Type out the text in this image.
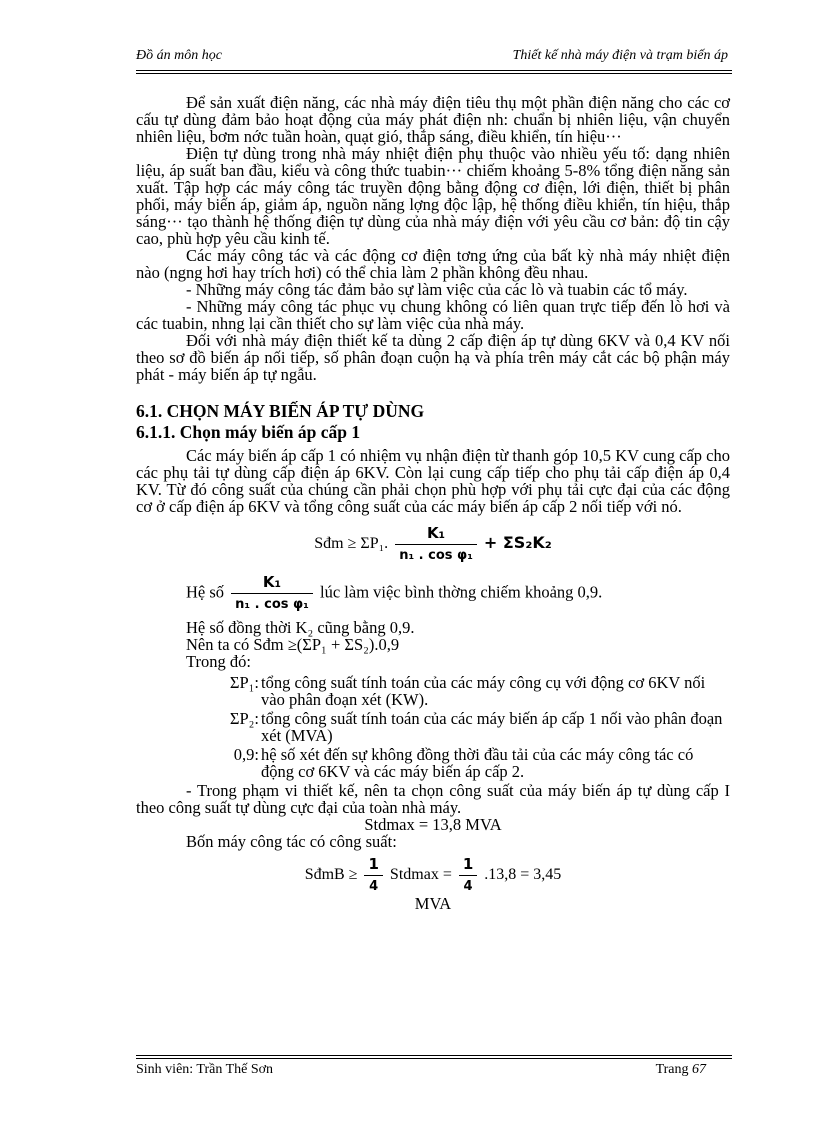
Đồ án môn học	Thiết kế nhà máy điện và trạm biến áp

Để sản xuất điện năng, các nhà máy điện tiêu thụ một phần điện năng cho các cơ cấu tự dùng đảm bảo hoạt động của máy phát điện nh: chuẩn bị nhiên liệu, vận chuyển nhiên liệu, bơm nớc tuần hoàn, quạt gió, thắp sáng, điều khiển, tín hiệu···

Điện tự dùng trong nhà máy nhiệt điện phụ thuộc vào nhiều yếu tố: dạng nhiên liệu, áp suất ban đầu, kiểu và công thức tuabin··· chiếm khoảng 5-8% tổng điện năng sản xuất. Tập hợp các máy công tác truyền động bằng động cơ điện, lới điện, thiết bị phân phối, máy biến áp, giảm áp, nguồn năng lợng độc lập, hệ thống điều khiển, tín hiệu, thắp sáng··· tạo thành hệ thống điện tự dùng của nhà máy điện với yêu cầu cơ bản: độ tin cậy cao, phù hợp yêu cầu kinh tế.

Các máy công tác và các động cơ điện tơng ứng của bất kỳ nhà máy nhiệt điện nào (ngng hơi hay trích hơi) có thể chia làm 2 phần không đều nhau.

- Những máy công tác đảm bảo sự làm việc của các lò và tuabin các tổ máy.

- Những máy công tác phục vụ chung không có liên quan trực tiếp đến lò hơi và các tuabin, nhng lại cần thiết cho sự làm việc của nhà máy.

Đối với nhà máy điện thiết kế ta dùng 2 cấp điện áp tự dùng 6KV và 0,4 KV nối theo sơ đồ biến áp nối tiếp, số phân đoạn cuộn hạ và phía trên máy cắt các bộ phận máy phát - máy biến áp tự ngẫu.

6.1. CHỌN MÁY BIẾN ÁP TỰ DÙNG
6.1.1. Chọn máy biến áp cấp 1

Các máy biến áp cấp 1 có nhiệm vụ nhận điện từ thanh góp 10,5 KV cung cấp cho các phụ tải tự dùng cấp điện áp 6KV. Còn lại cung cấp tiếp cho phụ tải cấp điện áp 0,4 KV. Từ đó công suất của chúng cần phải chọn phù hợp với phụ tải cực đại của các động cơ ở cấp điện áp 6KV và tổng công suất của các máy biến áp cấp 2 nối tiếp với nó.

Sđm ≥ ΣP₁. $\frac{\text{K₁}}{\text{n₁ . cos φ₁}} + \Sigma S_2K_2$
Hệ số $\frac{\text{K₁}}{\text{n₁ . cos φ₁}}$ lúc làm việc bình thờng chiếm khoảng 0,9.

Hệ số đồng thời K₂ cũng bằng 0,9.

Nên ta có Sđm ≥(ΣP₁ + ΣS₂).0,9

Trong đó:

ΣP₁: tổng công suất tính toán của các máy công cụ với động cơ 6KV nối vào phân đoạn xét (KW).
ΣP₂: tổng công suất tính toán của các máy biến áp cấp 1 nối vào phân đoạn xét (MVA)
0,9: hệ số xét đến sự không đồng thời đầu tải của các máy công tác có động cơ 6KV và các máy biến áp cấp 2.

- Trong phạm vi thiết kế, nên ta chọn công suất của máy biến áp tự dùng cấp I theo công suất tự dùng cực đại của toàn nhà máy.

Stdmax = 13,8 MVA

Bốn máy công tác có công suất:

SđmB ≥ $\frac{1}{4}$ $Stdmax = \frac{1}{4} .13,8 = 3,45$

MVA

Sinh viên: Trần Thế Sơn	Trang 67
